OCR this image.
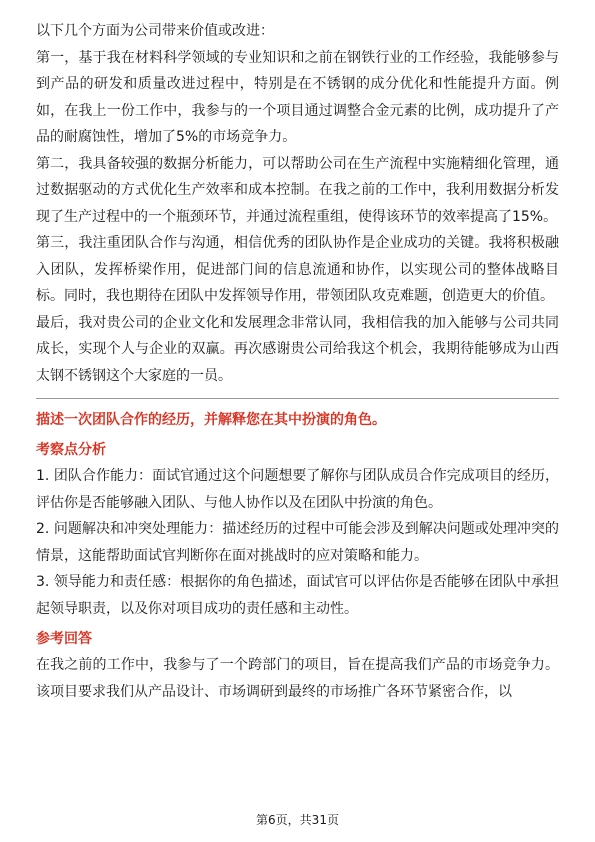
以下几个方面为公司带来价值或改进：

第一，基于我在材料科学领域的专业知识和之前在钢铁行业的工作经验，我能够参与到产品的研发和质量改进过程中，特别是在不锈钢的成分优化和性能提升方面。例如，在我上一份工作中，我参与的一个项目通过调整合金元素的比例，成功提升了产品的耐腐蚀性，增加了5%的市场竞争力。

第二，我具备较强的数据分析能力，可以帮助公司在生产流程中实施精细化管理，通过数据驱动的方式优化生产效率和成本控制。在我之前的工作中，我利用数据分析发现了生产过程中的一个瓶颈环节，并通过流程重组，使得该环节的效率提高了15%。

第三，我注重团队合作与沟通，相信优秀的团队协作是企业成功的关键。我将积极融入团队，发挥桥梁作用，促进部门间的信息流通和协作，以实现公司的整体战略目标。同时，我也期待在团队中发挥领导作用，带领团队攻克难题，创造更大的价值。

最后，我对贵公司的企业文化和发展理念非常认同，我相信我的加入能够与公司共同成长，实现个人与企业的双赢。再次感谢贵公司给我这个机会，我期待能够成为山西太钢不锈钢这个大家庭的一员。

描述一次团队合作的经历，并解释您在其中扮演的角色。

考察点分析

1. 团队合作能力：面试官通过这个问题想要了解你与团队成员合作完成项目的经历，评估你是否能够融入团队、与他人协作以及在团队中扮演的角色。

2. 问题解决和冲突处理能力：描述经历的过程中可能会涉及到解决问题或处理冲突的情景，这能帮助面试官判断你在面对挑战时的应对策略和能力。

3. 领导能力和责任感：根据你的角色描述，面试官可以评估你是否能够在团队中承担起领导职责，以及你对项目成功的责任感和主动性。

参考回答

在我之前的工作中，我参与了一个跨部门的项目，旨在提高我们产品的市场竞争力。该项目要求我们从产品设计、市场调研到最终的市场推广各环节紧密合作，以

第6页，共31页
